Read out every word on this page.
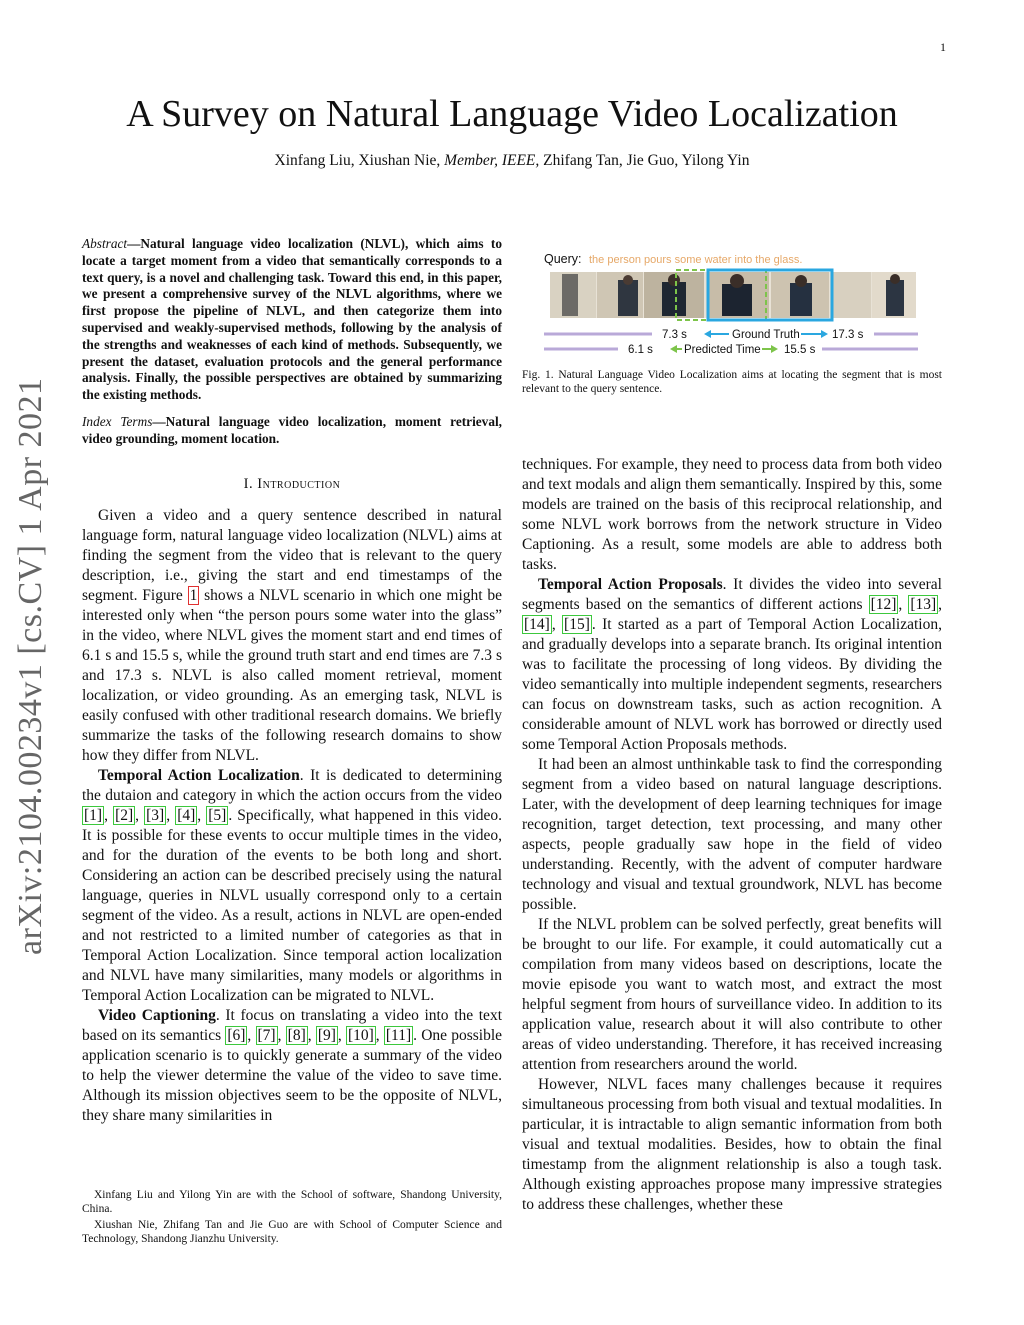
1
arXiv:2104.00234v1 [cs.CV] 1 Apr 2021
A Survey on Natural Language Video Localization
Xinfang Liu, Xiushan Nie, Member, IEEE, Zhifang Tan, Jie Guo, Yilong Yin

Abstract—Natural language video localization (NLVL), which aims to locate a target moment from a video that semantically corresponds to a text query, is a novel and challenging task. Toward this end, in this paper, we present a comprehensive survey of the NLVL algorithms, where we first propose the pipeline of NLVL, and then categorize them into supervised and weakly-supervised methods, following by the analysis of the strengths and weaknesses of each kind of methods. Subsequently, we present the dataset, evaluation protocols and the general performance analysis. Finally, the possible perspectives are obtained by summarizing the existing methods.

Index Terms—Natural language video localization, moment retrieval, video grounding, moment location.

I. Introduction

Given a video and a query sentence described in natural language form, natural language video localization (NLVL) aims at finding the segment from the video that is relevant to the query description, i.e., giving the start and end timestamps of the segment. Figure 1 shows a NLVL scenario in which one might be interested only when “the person pours some water into the glass” in the video, where NLVL gives the moment start and end times of 6.1 s and 15.5 s, while the ground truth start and end times are 7.3 s and 17.3 s. NLVL is also called moment retrieval, moment localization, or video grounding. As an emerging task, NLVL is easily confused with other traditional research domains. We briefly summarize the tasks of the following research domains to show how they differ from NLVL.

Temporal Action Localization. It is dedicated to determining the dutaion and category in which the action occurs from the video [1] , [2] , [3] , [4] , [5] . Specifically, what happened in this video. It is possible for these events to occur multiple times in the video, and for the duration of the events to be both long and short. Considering an action can be described precisely using the natural language, queries in NLVL usually correspond only to a certain segment of the video. As a result, actions in NLVL are open-ended and not restricted to a limited number of categories as that in Temporal Action Localization. Since temporal action localization and NLVL have many similarities, many models or algorithms in Temporal Action Localization can be migrated to NLVL.

Video Captioning. It focus on translating a video into the text based on its semantics [6] , [7] , [8] , [9] , [10] , [11] . One possible application scenario is to quickly generate a summary of the video to help the viewer determine the value of the video to save time. Although its mission objectives seem to be the opposite of NLVL, they share many similarities in

Xinfang Liu and Yilong Yin are with the School of software, Shandong University, China.

Xiushan Nie, Zhifang Tan and Jie Guo are with School of Computer Science and Technology, Shandong Jianzhu University.

Query: the person pours some water into the glass.
7.3 s	Ground Truth	17.3 s
6.1 s	Predicted Time 15.5 s
Fig. 1. Natural Language Video Localization aims at locating the segment that is most relevant to the query sentence.

techniques. For example, they need to process data from both video and text modals and align them semantically. Inspired by this, some models are trained on the basis of this reciprocal relationship, and some NLVL work borrows from the network structure in Video Captioning. As a result, some models are able to address both tasks.

Temporal Action Proposals. It divides the video into several segments based on the semantics of different actions [12] , [13] , [14] , [15] . It started as a part of Temporal Action Localization, and gradually develops into a separate branch. Its original intention was to facilitate the processing of long videos. By dividing the video semantically into multiple independent segments, researchers can focus on downstream tasks, such as action recognition. A considerable amount of NLVL work has borrowed or directly used some Temporal Action Proposals methods.

It had been an almost unthinkable task to find the corresponding segment from a video based on natural language descriptions. Later, with the development of deep learning techniques for image recognition, target detection, text processing, and many other aspects, people gradually saw hope in the field of video understanding. Recently, with the advent of computer hardware technology and visual and textual groundwork, NLVL has become possible.

If the NLVL problem can be solved perfectly, great benefits will be brought to our life. For example, it could automatically cut a compilation from many videos based on descriptions, locate the movie episode you want to watch most, and extract the most helpful segment from hours of surveillance video. In addition to its application value, research about it will also contribute to other areas of video understanding. Therefore, it has received increasing attention from researchers around the world.

However, NLVL faces many challenges because it requires simultaneous processing from both visual and textual modalities. In particular, it is intractable to align semantic information from both visual and textual modalities. Besides, how to obtain the final timestamp from the alignment relationship is also a tough task. Although existing approaches propose many impressive strategies to address these challenges, whether these
